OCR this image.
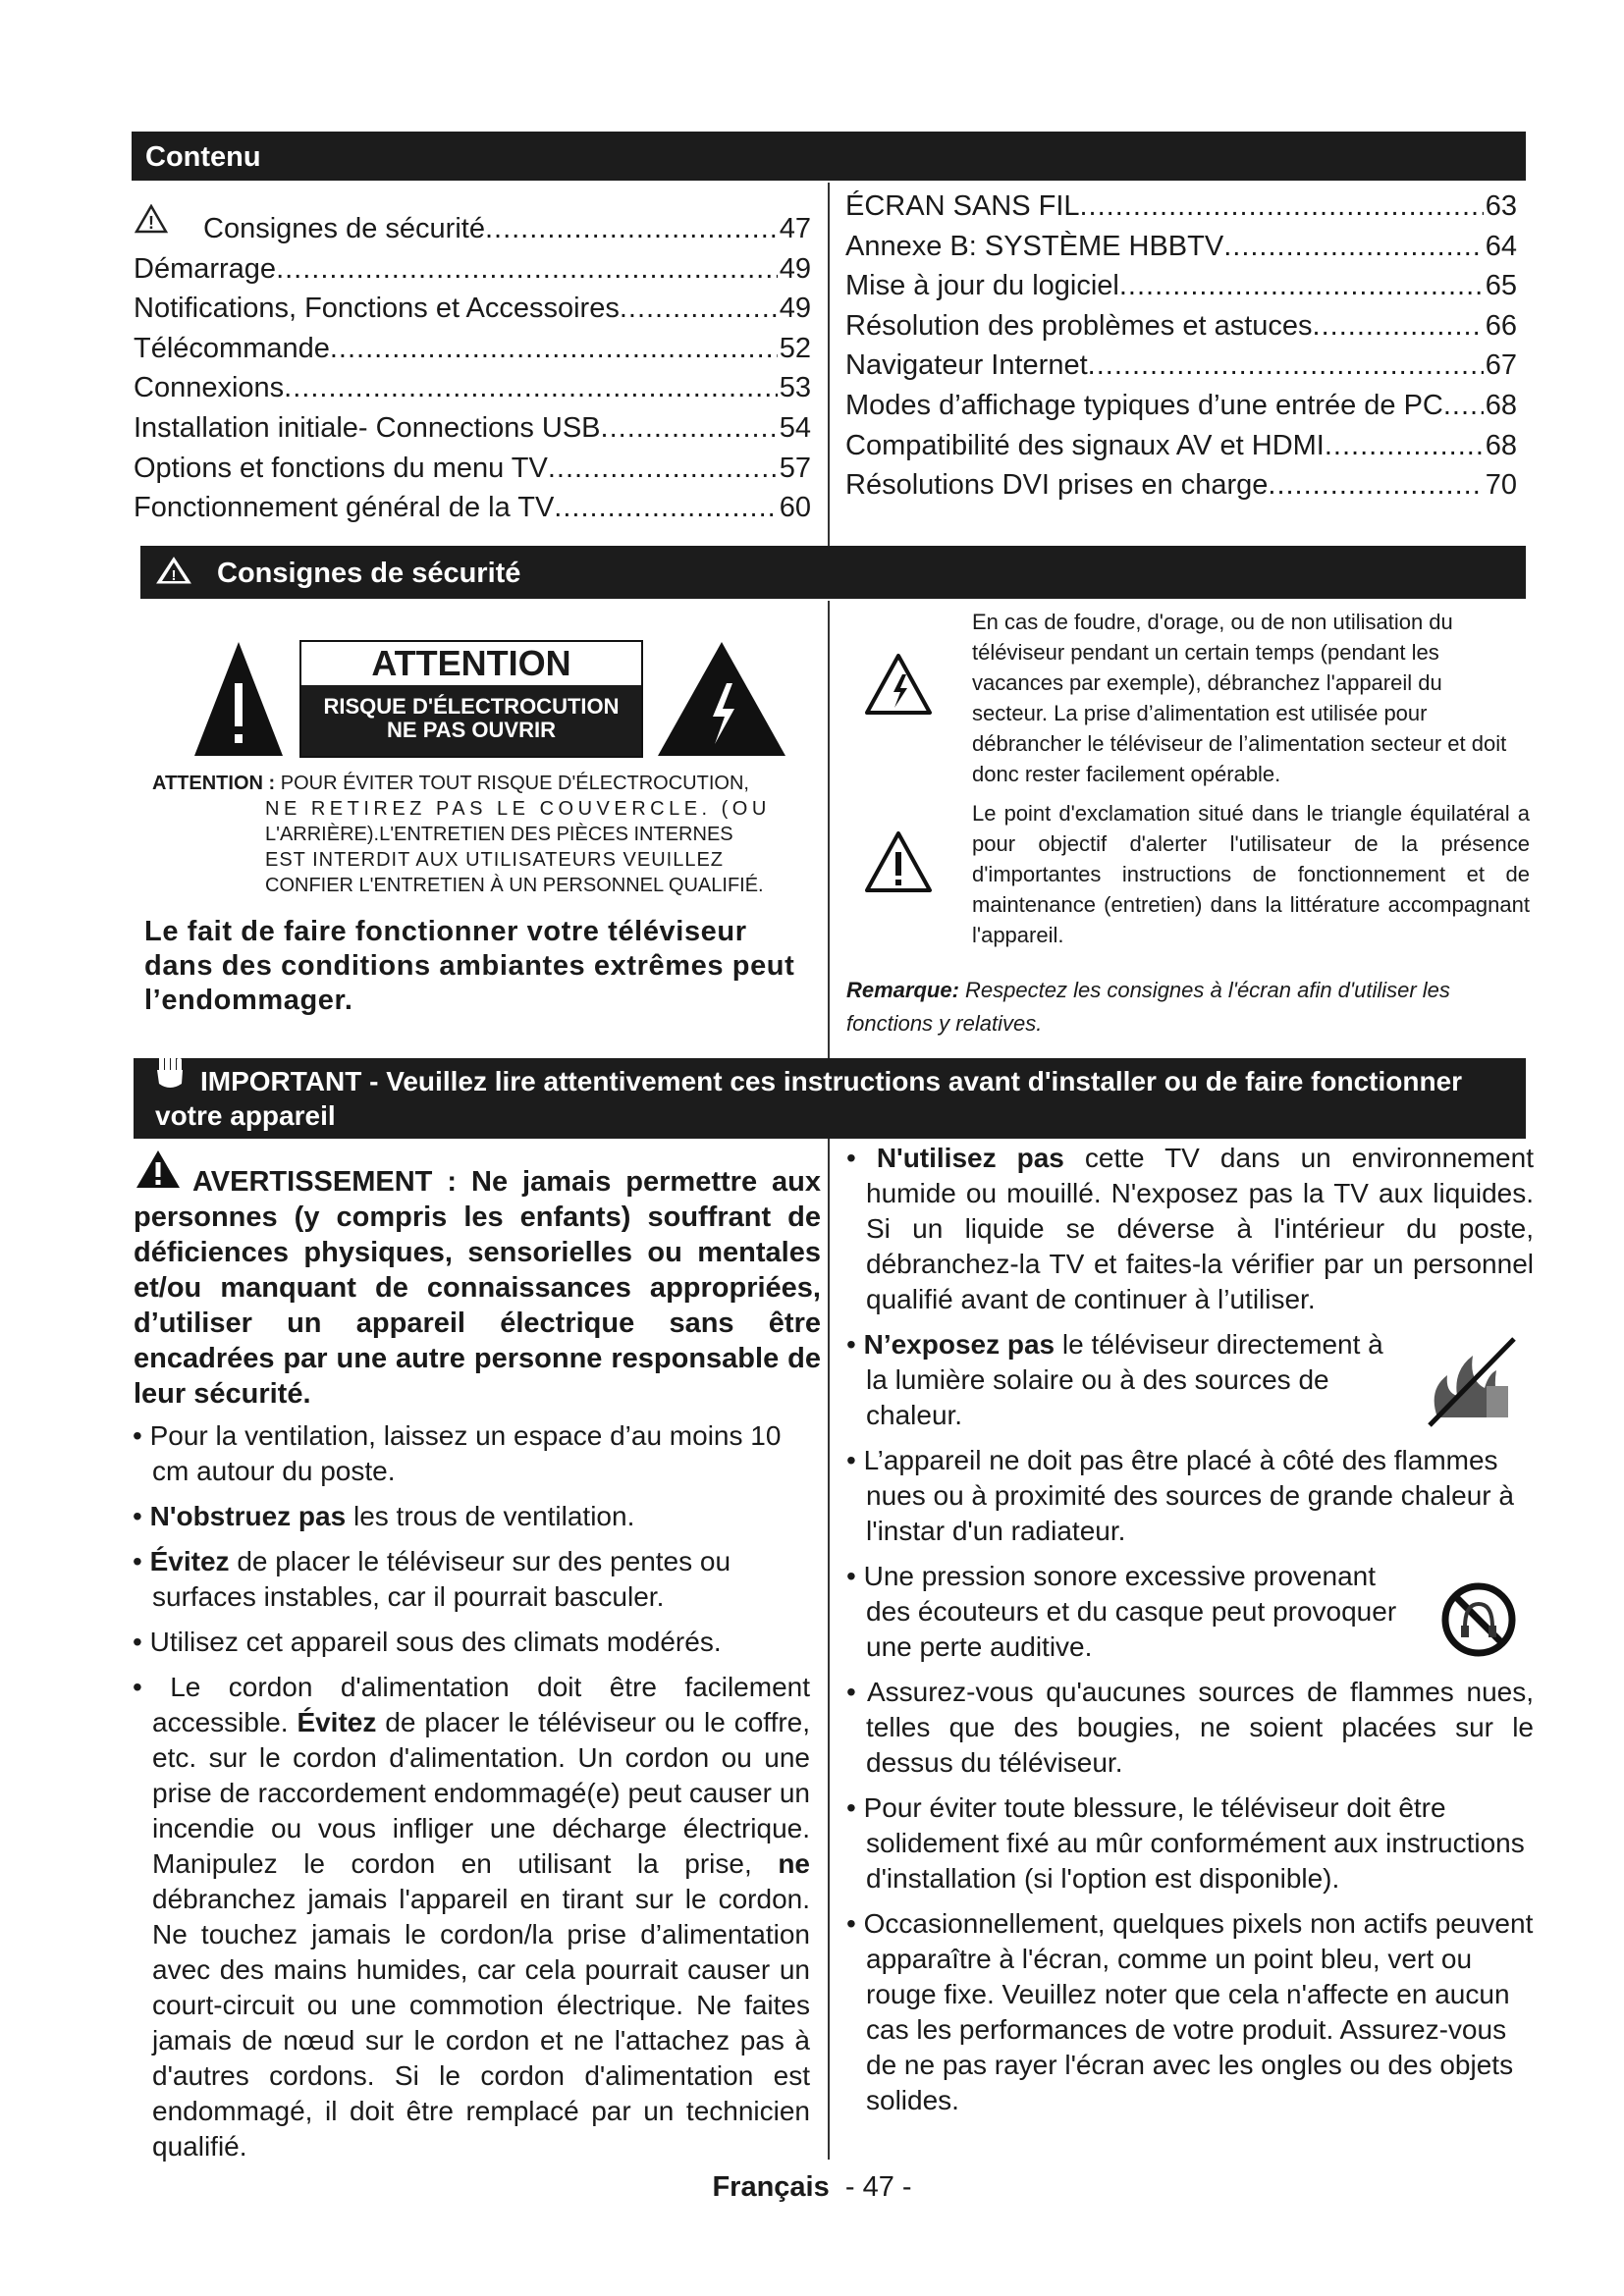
Contenu
! Consignes de sécurité .....	47
Démarrage .....	49
Notifications, Fonctions et Accessoires .....	49
Télécommande .....	52
Connexions .....	53
Installation initiale- Connections USB .....	54
Options et fonctions du menu TV .....	57
Fonctionnement général de la TV .....	60
ÉCRAN SANS FIL .....	63
Annexe B: SYSTÈME HBBTV .....	64
Mise à jour du logiciel .....	65
Résolution des problèmes et astuces .....	66
Navigateur Internet .....	67
Modes d’affichage typiques d’une entrée de PC ..... 68
Compatibilité des signaux AV et HDMI .....	68
Résolutions DVI prises en charge .....	70
Consignes de sécurité
!
ATTENTION
RISQUE D'ÉLECTROCUTION
NE PAS OUVRIR
ATTENTION : POUR ÉVITER TOUT RISQUE D'ÉLECTROCUTION,
NE RETIREZ PAS LE COUVERCLE. (OU
L'ARRIÈRE).L'ENTRETIEN DES PIÈCES INTERNES
EST INTERDIT AUX UTILISATEURS VEUILLEZ
CONFIER L'ENTRETIEN À UN PERSONNEL QUALIFIÉ.
Le fait de faire fonctionner votre téléviseur dans des conditions ambiantes extrêmes peut l’endommager.
En cas de foudre, d'orage, ou de non utilisation du téléviseur pendant un certain temps (pendant les vacances par exemple), débranchez l'appareil du secteur. La prise d’alimentation est utilisée pour débrancher le téléviseur de l’alimentation secteur et doit donc rester facilement opérable.
Le point d'exclamation situé dans le triangle équilatéral a pour objectif d'alerter l'utilisateur de la présence d'importantes instructions de fonctionnement et de maintenance (entretien) dans la littérature accompagnant l'appareil.
Remarque: Respectez les consignes à l'écran afin d'utiliser les fonctions y relatives.
IMPORTANT - Veuillez lire attentivement ces instructions avant d'installer ou de faire fonctionner
votre appareil
AVERTISSEMENT : Ne jamais permettre aux personnes (y compris les enfants) souffrant de déficiences physiques, sensorielles ou mentales et/ou manquant de connaissances appropriées, d’utiliser un appareil électrique sans être encadrées par une autre personne responsable de leur sécurité.

• Pour la ventilation, laissez un espace d’au moins 10 cm autour du poste.

• N'obstruez pas les trous de ventilation.

• Évitez de placer le téléviseur sur des pentes ou surfaces instables, car il pourrait basculer.

• Utilisez cet appareil sous des climats modérés.

• Le cordon d'alimentation doit être facilement accessible. Évitez de placer le téléviseur ou le coffre, etc. sur le cordon d'alimentation. Un cordon ou une prise de raccordement endommagé(e) peut causer un incendie ou vous infliger une décharge électrique. Manipulez le cordon en utilisant la prise, ne débranchez jamais l'appareil en tirant sur le cordon. Ne touchez jamais le cordon/la prise d’alimentation avec des mains humides, car cela pourrait causer un court-circuit ou une commotion électrique. Ne faites jamais de nœud sur le cordon et ne l'attachez pas à d'autres cordons. Si le cordon d'alimentation est endommagé, il doit être remplacé par un technicien qualifié.

• N'utilisez pas cette TV dans un environnement humide ou mouillé. N'exposez pas la TV aux liquides. Si un liquide se déverse à l'intérieur du poste, débranchez-la TV et faites-la vérifier par un personnel qualifié avant de continuer à l’utiliser.

• N’exposez pas le téléviseur directement à la lumière solaire ou à des sources de chaleur.

• L’appareil ne doit pas être placé à côté des flammes nues ou à proximité des sources de grande chaleur à l'instar d'un radiateur.

• Une pression sonore excessive provenant des écouteurs et du casque peut provoquer une perte auditive.

• Assurez-vous qu'aucunes sources de flammes nues, telles que des bougies, ne soient placées sur le dessus du téléviseur.

• Pour éviter toute blessure, le téléviseur doit être solidement fixé au mûr conformément aux instructions d'installation (si l'option est disponible).

• Occasionnellement, quelques pixels non actifs peuvent apparaître à l'écran, comme un point bleu, vert ou rouge fixe. Veuillez noter que cela n'affecte en aucun cas les performances de votre produit. Assurez-vous de ne pas rayer l'écran avec les ongles ou des objets solides.

Français - 47 -
